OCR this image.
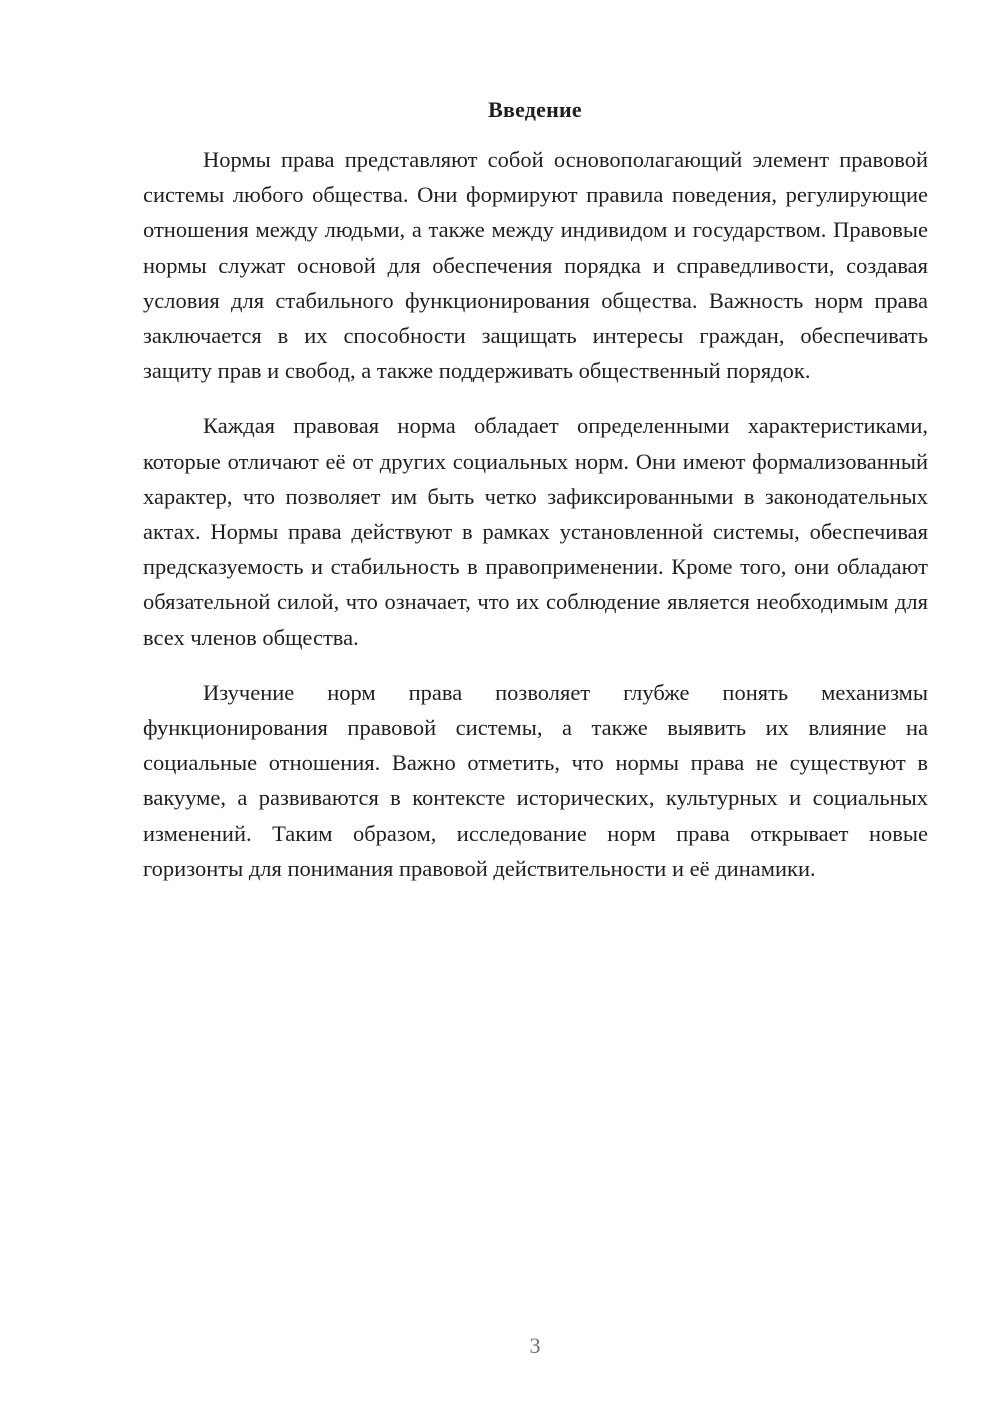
Введение

Нормы права представляют собой основополагающий элемент правовой системы любого общества. Они формируют правила поведения, регулирующие отношения между людьми, а также между индивидом и государством. Правовые нормы служат основой для обеспечения порядка и справедливости, создавая условия для стабильного функционирования общества. Важность норм права заключается в их способности защищать интересы граждан, обеспечивать защиту прав и свобод, а также поддерживать общественный порядок.

Каждая правовая норма обладает определенными характеристиками, которые отличают её от других социальных норм. Они имеют формализованный характер, что позволяет им быть четко зафиксированными в законодательных актах. Нормы права действуют в рамках установленной системы, обеспечивая предсказуемость и стабильность в правоприменении. Кроме того, они обладают обязательной силой, что означает, что их соблюдение является необходимым для всех членов общества.

Изучение норм права позволяет глубже понять механизмы функционирования правовой системы, а также выявить их влияние на социальные отношения. Важно отметить, что нормы права не существуют в вакууме, а развиваются в контексте исторических, культурных и социальных изменений. Таким образом, исследование норм права открывает новые горизонты для понимания правовой действительности и её динамики.

3
